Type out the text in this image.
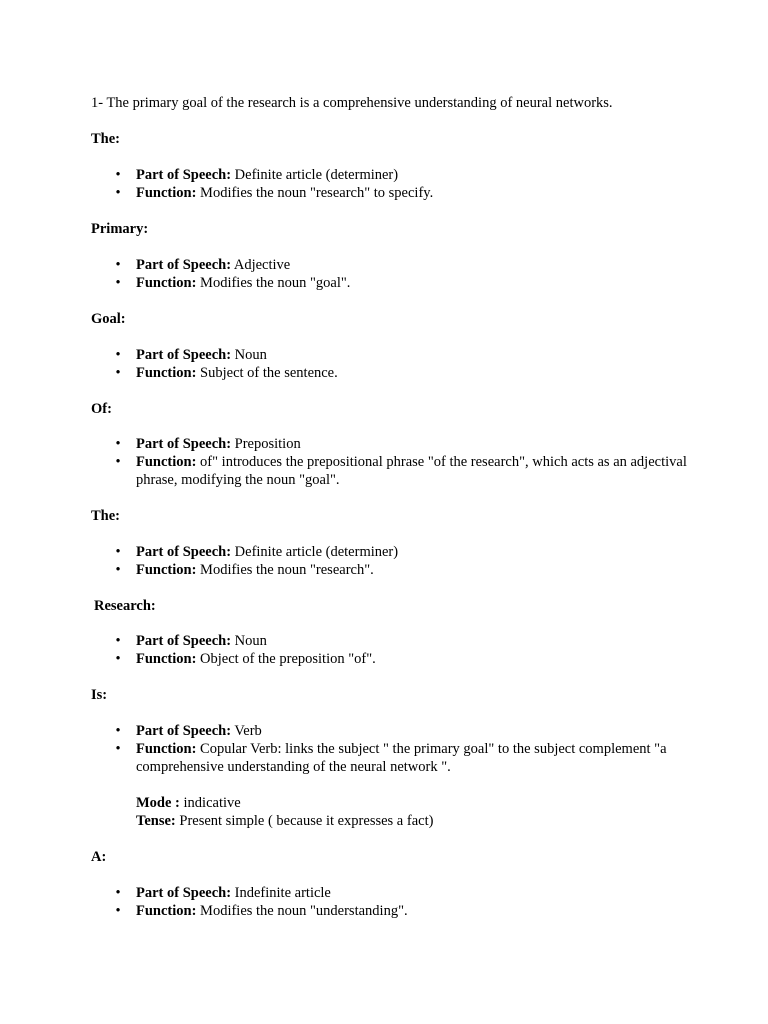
1- The primary goal of the research is a comprehensive understanding of neural networks.

The:

• Part of Speech: Definite article (determiner)
• Function: Modifies the noun "research" to specify.

Primary:

• Part of Speech: Adjective
• Function: Modifies the noun "goal".

Goal:

• Part of Speech: Noun
• Function: Subject of the sentence.

Of:

• Part of Speech: Preposition
• Function: of" introduces the prepositional phrase "of the research", which acts as an adjectival phrase, modifying the noun "goal".

The:

• Part of Speech: Definite article (determiner)
• Function: Modifies the noun "research".

Research:

• Part of Speech: Noun
• Function: Object of the preposition "of".

Is:

• Part of Speech: Verb
• Function: Copular Verb: links the subject " the primary goal" to the subject complement "a comprehensive understanding of the neural network ".

Mode : indicative

Tense: Present simple ( because it expresses a fact)

A:

• Part of Speech: Indefinite article
• Function: Modifies the noun "understanding".
